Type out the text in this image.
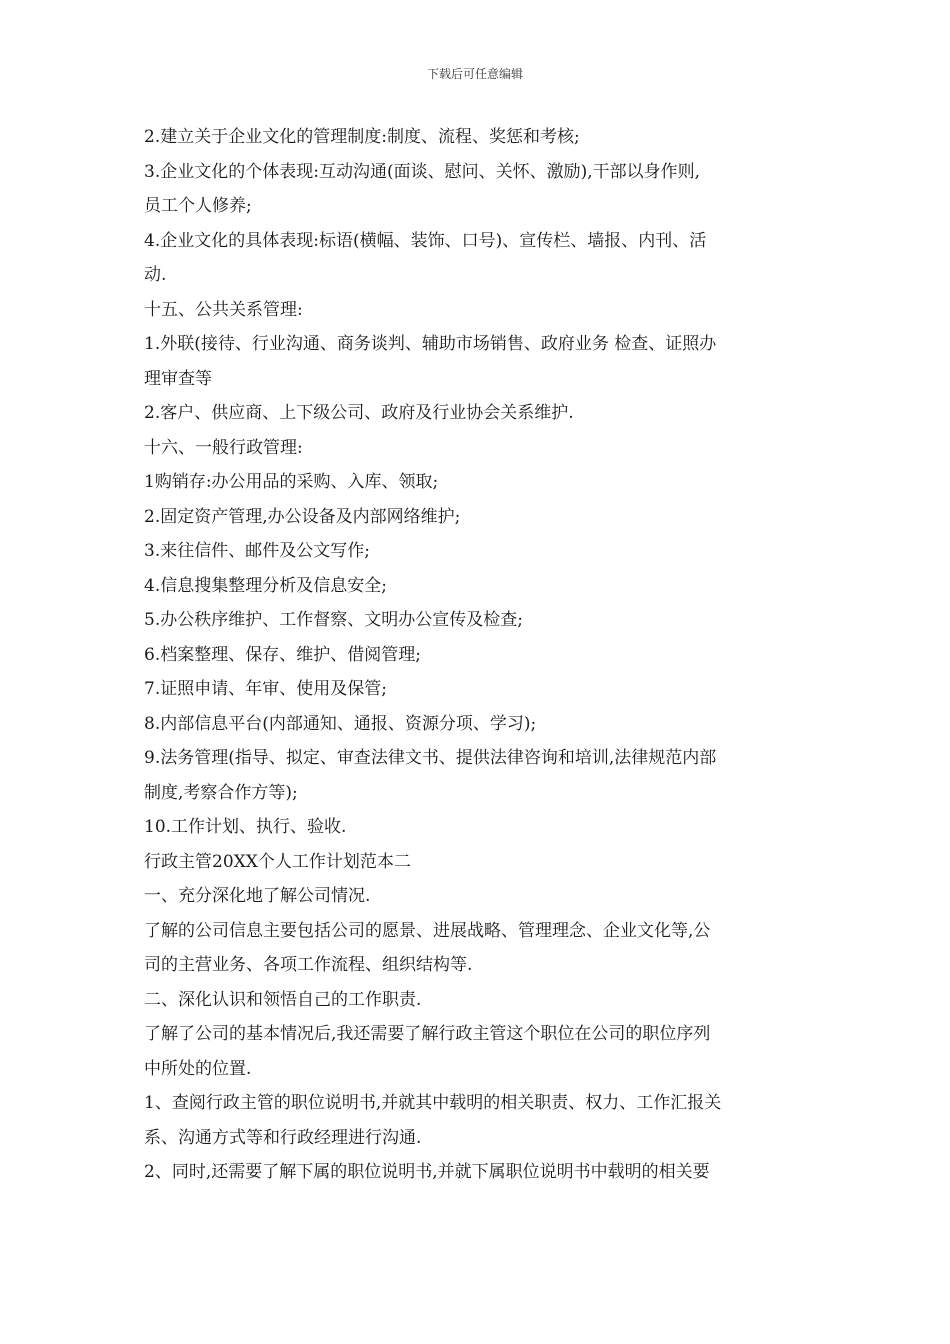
下载后可任意编辑
2.建立关于企业文化的管理制度:制度、流程、奖惩和考核;
3.企业文化的个体表现:互动沟通(面谈、慰问、关怀、激励),干部以身作则,
员工个人修养;
4.企业文化的具体表现:标语(横幅、装饰、口号)、宣传栏、墙报、内刊、活
动.
十五、公共关系管理:
1.外联(接待、行业沟通、商务谈判、辅助市场销售、政府业务 检查、证照办
理审查等
2.客户、供应商、上下级公司、政府及行业协会关系维护.
十六、一般行政管理:
1购销存:办公用品的采购、入库、领取;
2.固定资产管理,办公设备及内部网络维护;
3.来往信件、邮件及公文写作;
4.信息搜集整理分析及信息安全;
5.办公秩序维护、工作督察、文明办公宣传及检查;
6.档案整理、保存、维护、借阅管理;
7.证照申请、年审、使用及保管;
8.内部信息平台(内部通知、通报、资源分项、学习);
9.法务管理(指导、拟定、审查法律文书、提供法律咨询和培训,法律规范内部
制度,考察合作方等);
10.工作计划、执行、验收.
行政主管20XX个人工作计划范本二
一、充分深化地了解公司情况.
了解的公司信息主要包括公司的愿景、进展战略、管理理念、企业文化等,公
司的主营业务、各项工作流程、组织结构等.
二、深化认识和领悟自己的工作职责.
了解了公司的基本情况后,我还需要了解行政主管这个职位在公司的职位序列
中所处的位置.
1、查阅行政主管的职位说明书,并就其中载明的相关职责、权力、工作汇报关
系、沟通方式等和行政经理进行沟通.
2、同时,还需要了解下属的职位说明书,并就下属职位说明书中载明的相关要
